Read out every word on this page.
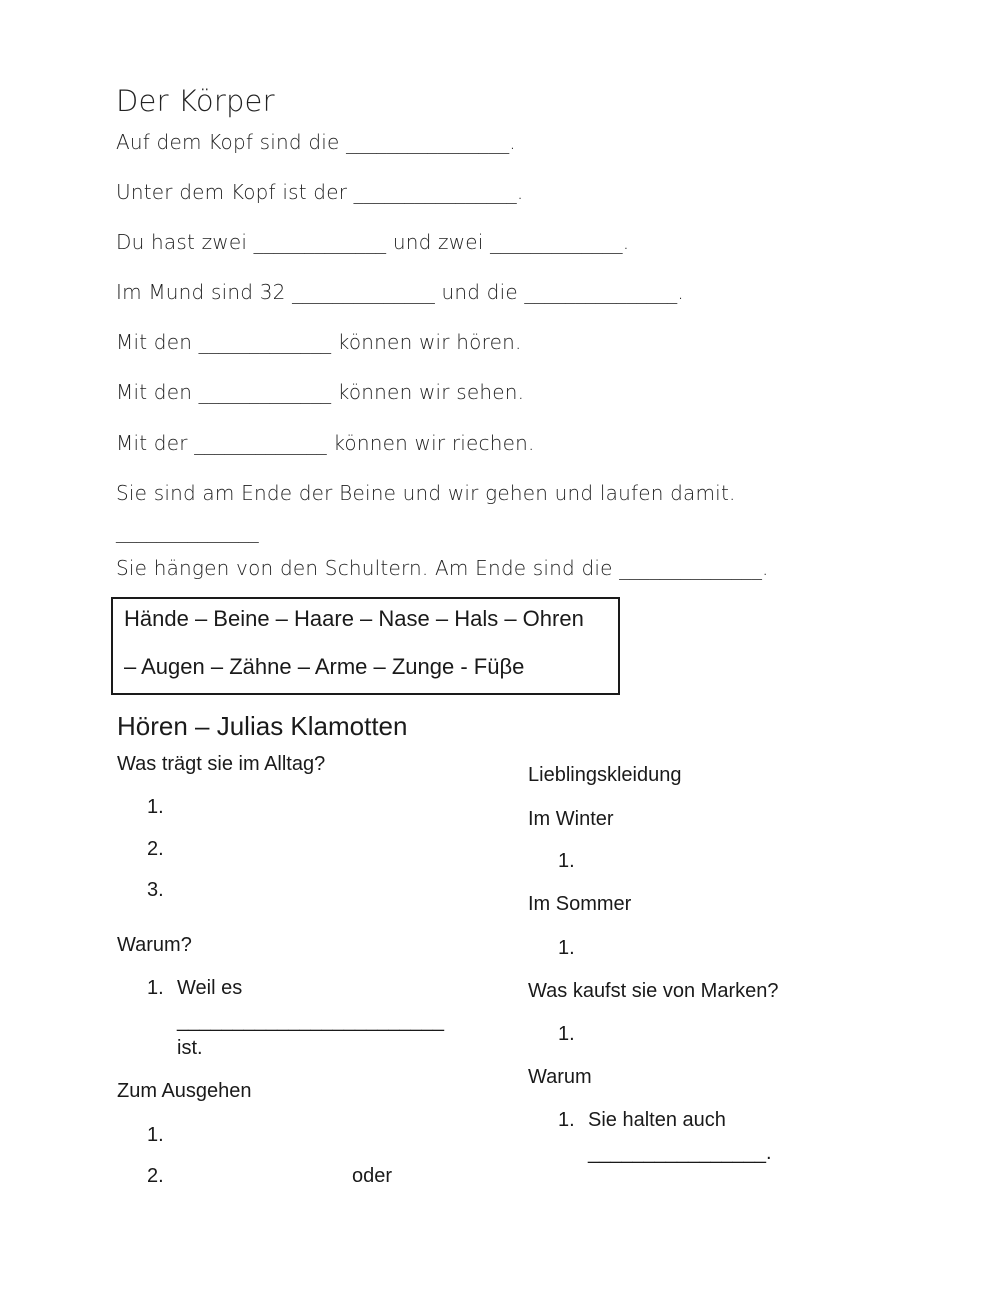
Der Körper
Auf dem Kopf sind die ________________.
Unter dem Kopf ist der ________________.
Du hast zwei _____________ und zwei _____________.
Im Mund sind 32 ______________ und die _______________.
Mit den _____________ können wir hören.
Mit den _____________ können wir sehen.
Mit der _____________ können wir riechen.
Sie sind am Ende der Beine und wir gehen und laufen damit.
______________
Sie hängen von den Schultern. Am Ende sind die ______________.
Hände – Beine – Haare – Nase – Hals – Ohren
– Augen – Zähne – Arme – Zunge - Füβe
Hören – Julias Klamotten
Was trägt sie im Alltag?
1.
2.
3.
Warum?
1. Weil es
________________________
ist.
Zum Ausgehen
1.
2.	oder
Lieblingskleidung
Im Winter
1.
Im Sommer
1.
Was kaufst sie von Marken?
1.
Warum
1. Sie halten auch
________________.
